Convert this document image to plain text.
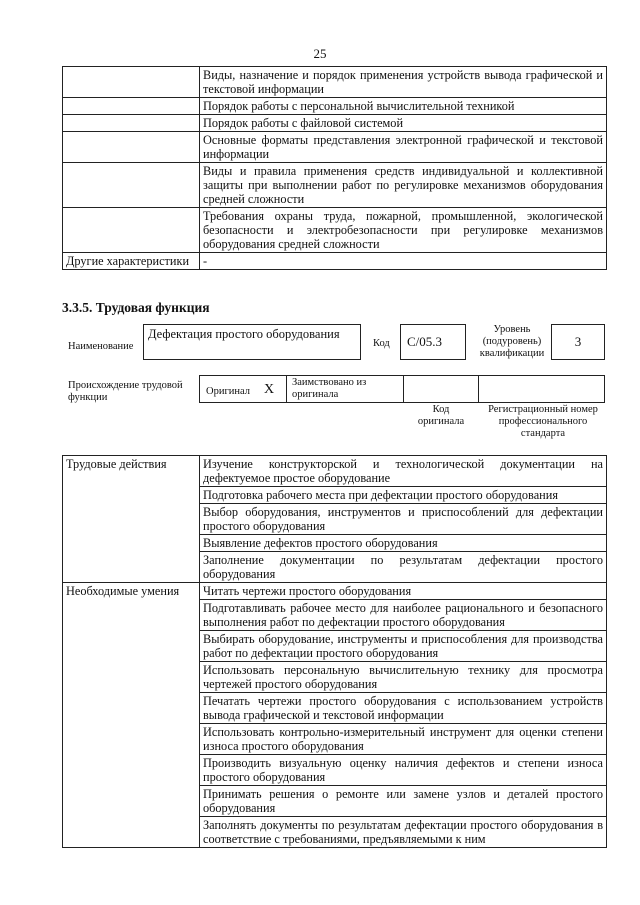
25
	Виды, назначение и порядок применения устройств вывода графической и текстовой информации
	Порядок работы с персональной вычислительной техникой
	Порядок работы с файловой системой
	Основные форматы представления электронной графической и текстовой информации
	Виды и правила применения средств индивидуальной и коллективной защиты при выполнении работ по регулировке механизмов оборудования средней сложности
	Требования охраны труда, пожарной, промышленной, экологической безопасности и электробезопасности при регулировке механизмов оборудования средней сложности
Другие характеристики	-
3.3.5. Трудовая функция
Наименование
Дефектация простого оборудования
Код	С/05.3
Уровень (подуровень) квалификации
3
Происхождение трудовой функции
Оригинал X Заимствовано из оригинала
Код оригинала
Регистрационный номер профессионального стандарта
Трудовые действия	Изучение конструкторской и технологической документации на дефектуемое простое оборудование
	Подготовка рабочего места при дефектации простого оборудования
	Выбор оборудования, инструментов и приспособлений для дефектации простого оборудования
	Выявление дефектов простого оборудования
	Заполнение документации по результатам дефектации простого оборудования
Необходимые умения	Читать чертежи простого оборудования
	Подготавливать рабочее место для наиболее рационального и безопасного выполнения работ по дефектации простого оборудования
	Выбирать оборудование, инструменты и приспособления для производства работ по дефектации простого оборудования
	Использовать персональную вычислительную технику для просмотра чертежей простого оборудования
	Печатать чертежи простого оборудования с использованием устройств вывода графической и текстовой информации
	Использовать контрольно-измерительный инструмент для оценки степени износа простого оборудования
	Производить визуальную оценку наличия дефектов и степени износа простого оборудования
	Принимать решения о ремонте или замене узлов и деталей простого оборудования
	Заполнять документы по результатам дефектации простого оборудования в соответствие с требованиями, предъявляемыми к ним
